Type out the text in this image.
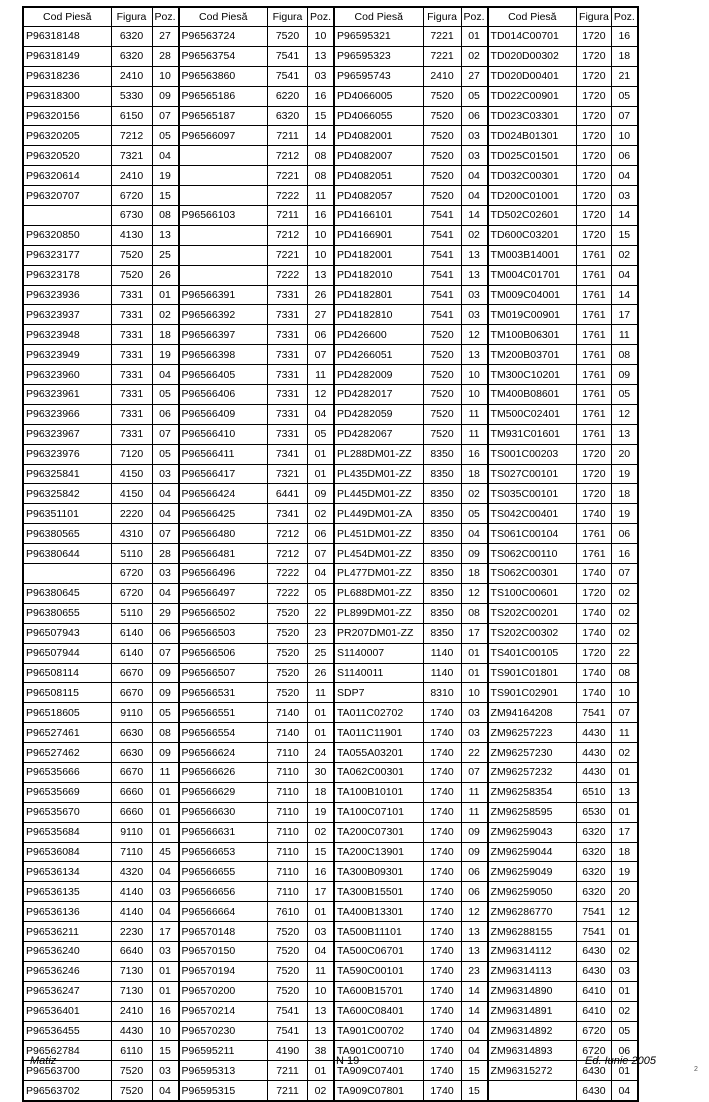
Cod Piesă	Figura	Poz.	Cod Piesă	Figura	Poz.	Cod Piesă	Figura	Poz.	Cod Piesă	Figura	Poz.
P96318148	6320	27	P96563724	7520	10	P96595321	7221	01	TD014C00701	1720	16
P96318149	6320	28	P96563754	7541	13	P96595323	7221	02	TD020D00302	1720	18
P96318236	2410	10	P96563860	7541	03	P96595743	2410	27	TD020D00401	1720	21
P96318300	5330	09	P96565186	6220	16	PD4066005	7520	05	TD022C00901	1720	05
P96320156	6150	07	P96565187	6320	15	PD4066055	7520	06	TD023C03301	1720	07
P96320205	7212	05	P96566097	7211	14	PD4082001	7520	03	TD024B01301	1720	10
P96320520	7321	04		7212	08	PD4082007	7520	03	TD025C01501	1720	06
P96320614	2410	19		7221	08	PD4082051	7520	04	TD032C00301	1720	04
P96320707	6720	15		7222	11	PD4082057	7520	04	TD200C01001	1720	03
	6730	08	P96566103	7211	16	PD4166101	7541	14	TD502C02601	1720	14
P96320850	4130	13		7212	10	PD4166901	7541	02	TD600C03201	1720	15
P96323177	7520	25		7221	10	PD4182001	7541	13	TM003B14001	1761	02
P96323178	7520	26		7222	13	PD4182010	7541	13	TM004C01701	1761	04
P96323936	7331	01	P96566391	7331	26	PD4182801	7541	03	TM009C04001	1761	14
P96323937	7331	02	P96566392	7331	27	PD4182810	7541	03	TM019C00901	1761	17
P96323948	7331	18	P96566397	7331	06	PD426600	7520	12	TM100B06301	1761	11
P96323949	7331	19	P96566398	7331	07	PD4266051	7520	13	TM200B03701	1761	08
P96323960	7331	04	P96566405	7331	11	PD4282009	7520	10	TM300C10201	1761	09
P96323961	7331	05	P96566406	7331	12	PD4282017	7520	10	TM400B08601	1761	05
P96323966	7331	06	P96566409	7331	04	PD4282059	7520	11	TM500C02401	1761	12
P96323967	7331	07	P96566410	7331	05	PD4282067	7520	11	TM931C01601	1761	13
P96323976	7120	05	P96566411	7341	01	PL288DM01-ZZ	8350	16	TS001C00203	1720	20
P96325841	4150	03	P96566417	7321	01	PL435DM01-ZZ	8350	18	TS027C00101	1720	19
P96325842	4150	04	P96566424	6441	09	PL445DM01-ZZ	8350	02	TS035C00101	1720	18
P96351101	2220	04	P96566425	7341	02	PL449DM01-ZA	8350	05	TS042C00401	1740	19
P96380565	4310	07	P96566480	7212	06	PL451DM01-ZZ	8350	04	TS061C00104	1761	06
P96380644	5110	28	P96566481	7212	07	PL454DM01-ZZ	8350	09	TS062C00110	1761	16
	6720	03	P96566496	7222	04	PL477DM01-ZZ	8350	18	TS062C00301	1740	07
P96380645	6720	04	P96566497	7222	05	PL688DM01-ZZ	8350	12	TS100C00601	1720	02
P96380655	5110	29	P96566502	7520	22	PL899DM01-ZZ	8350	08	TS202C00201	1740	02
P96507943	6140	06	P96566503	7520	23	PR207DM01-ZZ	8350	17	TS202C00302	1740	02
P96507944	6140	07	P96566506	7520	25	S1140007	1140	01	TS401C00105	1720	22
P96508114	6670	09	P96566507	7520	26	S1140011	1140	01	TS901C01801	1740	08
P96508115	6670	09	P96566531	7520	11	SDP7	8310	10	TS901C02901	1740	10
P96518605	9110	05	P96566551	7140	01	TA011C02702	1740	03	ZM94164208	7541	07
P96527461	6630	08	P96566554	7140	01	TA011C11901	1740	03	ZM96257223	4430	11
P96527462	6630	09	P96566624	7110	24	TA055A03201	1740	22	ZM96257230	4430	02
P96535666	6670	11	P96566626	7110	30	TA062C00301	1740	07	ZM96257232	4430	01
P96535669	6660	01	P96566629	7110	18	TA100B10101	1740	11	ZM96258354	6510	13
P96535670	6660	01	P96566630	7110	19	TA100C07101	1740	11	ZM96258595	6530	01
P96535684	9110	01	P96566631	7110	02	TA200C07301	1740	09	ZM96259043	6320	17
P96536084	7110	45	P96566653	7110	15	TA200C13901	1740	09	ZM96259044	6320	18
P96536134	4320	04	P96566655	7110	16	TA300B09301	1740	06	ZM96259049	6320	19
P96536135	4140	03	P96566656	7110	17	TA300B15501	1740	06	ZM96259050	6320	20
P96536136	4140	04	P96566664	7610	01	TA400B13301	1740	12	ZM96286770	7541	12
P96536211	2230	17	P96570148	7520	03	TA500B11101	1740	13	ZM96288155	7541	01
P96536240	6640	03	P96570150	7520	04	TA500C06701	1740	13	ZM96314112	6430	02
P96536246	7130	01	P96570194	7520	11	TA590C00101	1740	23	ZM96314113	6430	03
P96536247	7130	01	P96570200	7520	10	TA600B15701	1740	14	ZM96314890	6410	01
P96536401	2410	16	P96570214	7541	13	TA600C08401	1740	14	ZM96314891	6410	02
P96536455	4430	10	P96570230	7541	13	TA901C00702	1740	04	ZM96314892	6720	05
P96562784	6110	15	P96595211	4190	38	TA901C00710	1740	04	ZM96314893	6720	06
P96563700	7520	03	P96595313	7211	01	TA909C07401	1740	15	ZM96315272	6430	01
P96563702	7520	04	P96595315	7211	02	TA909C07801	1740	15		6430	04
Matiz	N 19	Ed. Iunie 2005
2
